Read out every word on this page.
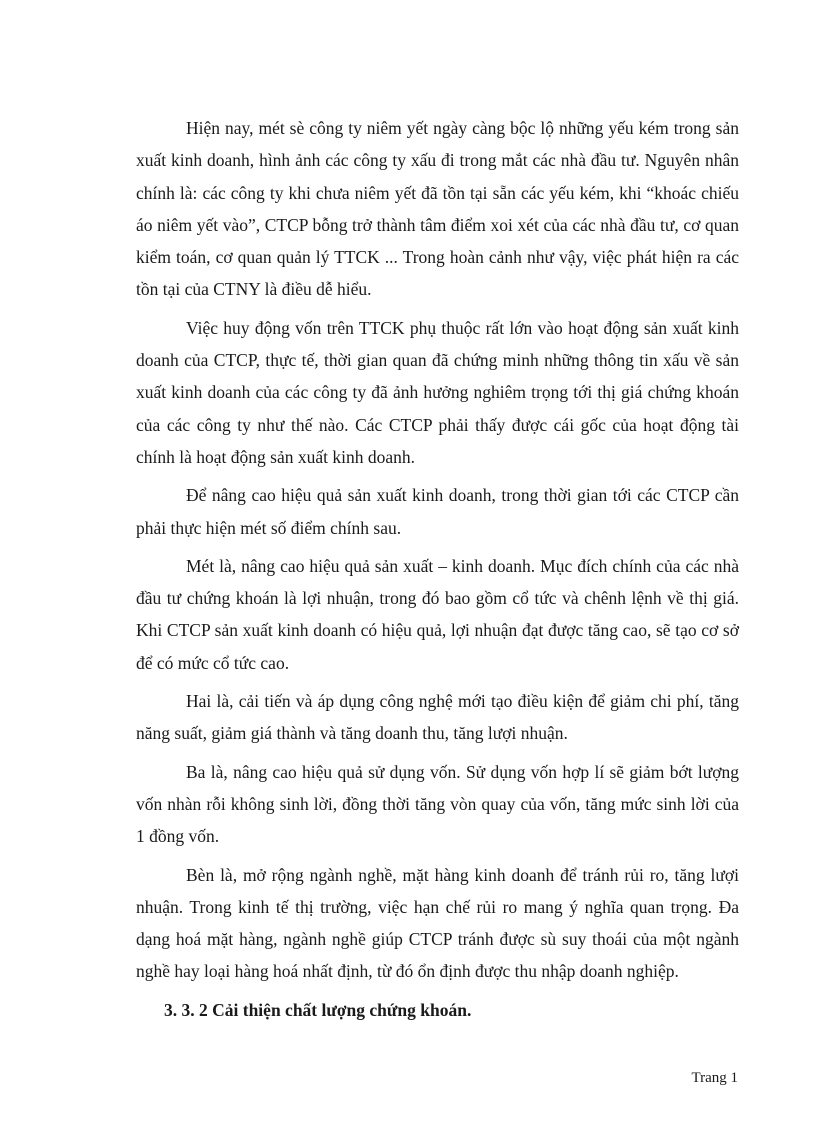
Hiện nay, mét sè công ty niêm yết ngày càng bộc lộ những yếu kém trong sản xuất kinh doanh, hình ảnh các công ty xấu đi trong mắt các nhà đầu tư. Nguyên nhân chính là: các công ty khi chưa niêm yết đã tồn tại sẵn các yếu kém, khi “khoác chiếu áo niêm yết vào”, CTCP bỗng trở thành tâm điểm xoi xét của các nhà đầu tư, cơ quan kiểm toán, cơ quan quản lý TTCK ... Trong hoàn cảnh như vậy, việc phát hiện ra các tồn tại của CTNY là điều dễ hiểu.

Việc huy động vốn trên TTCK phụ thuộc rất lớn vào hoạt động sản xuất kinh doanh của CTCP, thực tế, thời gian quan đã chứng minh những thông tin xấu về sản xuất kinh doanh của các công ty đã ảnh hưởng nghiêm trọng tới thị giá chứng khoán của các công ty như thế nào. Các CTCP phải thấy được cái gốc của hoạt động tài chính là hoạt động sản xuất kinh doanh.

Để nâng cao hiệu quả sản xuất kinh doanh, trong thời gian tới các CTCP cần phải thực hiện mét số điểm chính sau.

Mét là, nâng cao hiệu quả sản xuất – kinh doanh. Mục đích chính của các nhà đầu tư chứng khoán là lợi nhuận, trong đó bao gồm cổ tức và chênh lệnh về thị giá. Khi CTCP sản xuất kinh doanh có hiệu quả, lợi nhuận đạt được tăng cao, sẽ tạo cơ sở để có mức cổ tức cao.

Hai là, cải tiến và áp dụng công nghệ mới tạo điều kiện để giảm chi phí, tăng năng suất, giảm giá thành và tăng doanh thu, tăng lượi nhuận.

Ba là, nâng cao hiệu quả sử dụng vốn. Sử dụng vốn hợp lí sẽ giảm bớt lượng vốn nhàn rỗi không sinh lời, đồng thời tăng vòn quay của vốn, tăng mức sinh lời của 1 đồng vốn.

Bèn là, mở rộng ngành nghề, mặt hàng kinh doanh để tránh rủi ro, tăng lượi nhuận. Trong kinh tế thị trường, việc hạn chế rủi ro mang ý nghĩa quan trọng. Đa dạng hoá mặt hàng, ngành nghề giúp CTCP tránh được sù suy thoái của một ngành nghề hay loại hàng hoá nhất định, từ đó ổn định được thu nhập doanh nghiệp.

3. 3. 2 Cải thiện chất lượng chứng khoán.

Trang 1
